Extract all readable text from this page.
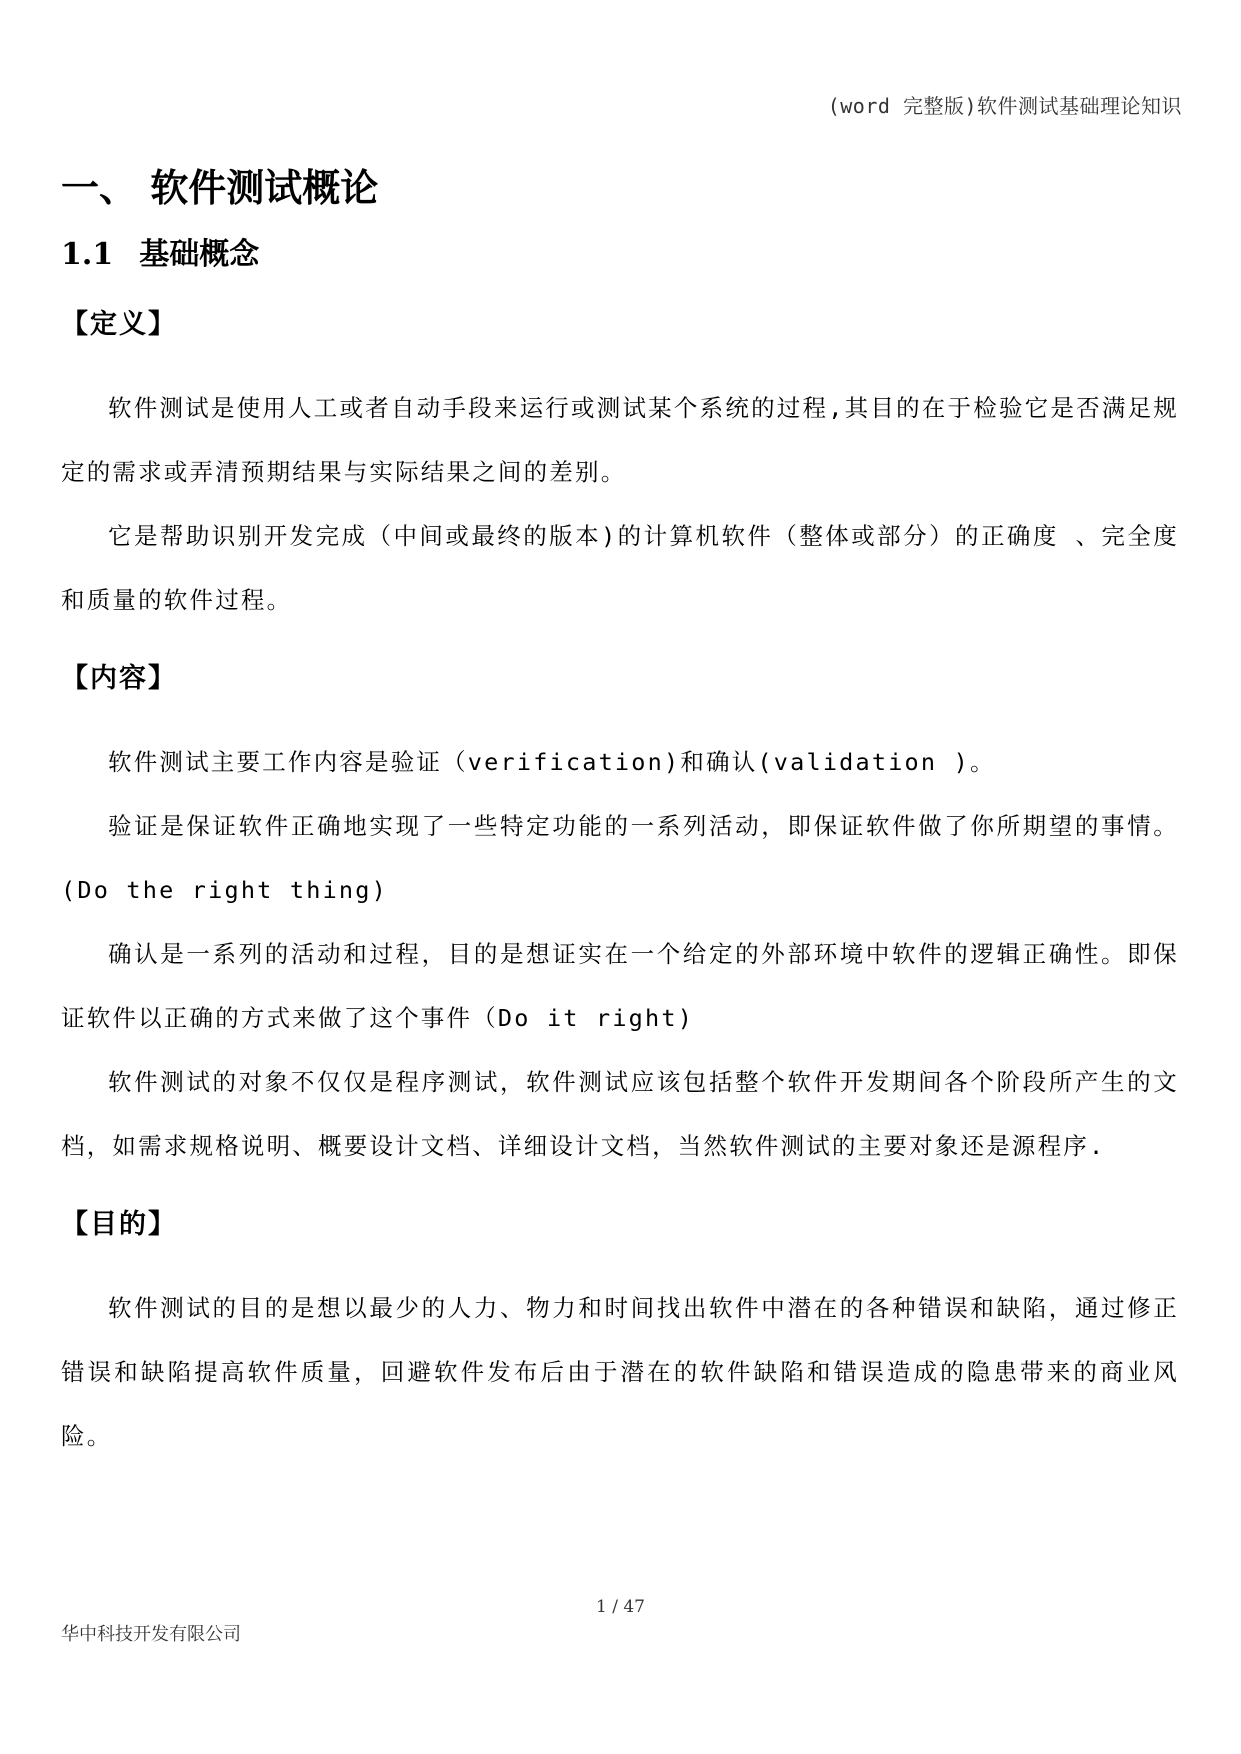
(word 完整版)软件测试基础理论知识
一、 软件测试概论
1.1 基础概念
【定义】

软件测试是使用人工或者自动手段来运行或测试某个系统的过程,其目的在于检验它是否满足规定的需求或弄清预期结果与实际结果之间的差别。

它是帮助识别开发完成（中间或最终的版本)的计算机软件（整体或部分）的正确度 、完全度和质量的软件过程。

【内容】

软件测试主要工作内容是验证（verification)和确认(validation )。

验证是保证软件正确地实现了一些特定功能的一系列活动，即保证软件做了你所期望的事情。(Do the right thing)

确认是一系列的活动和过程，目的是想证实在一个给定的外部环境中软件的逻辑正确性。即保证软件以正确的方式来做了这个事件（Do it right)

软件测试的对象不仅仅是程序测试，软件测试应该包括整个软件开发期间各个阶段所产生的文档，如需求规格说明、概要设计文档、详细设计文档，当然软件测试的主要对象还是源程序.

【目的】

软件测试的目的是想以最少的人力、物力和时间找出软件中潜在的各种错误和缺陷，通过修正错误和缺陷提高软件质量，回避软件发布后由于潜在的软件缺陷和错误造成的隐患带来的商业风险。

1 / 47
华中科技开发有限公司
